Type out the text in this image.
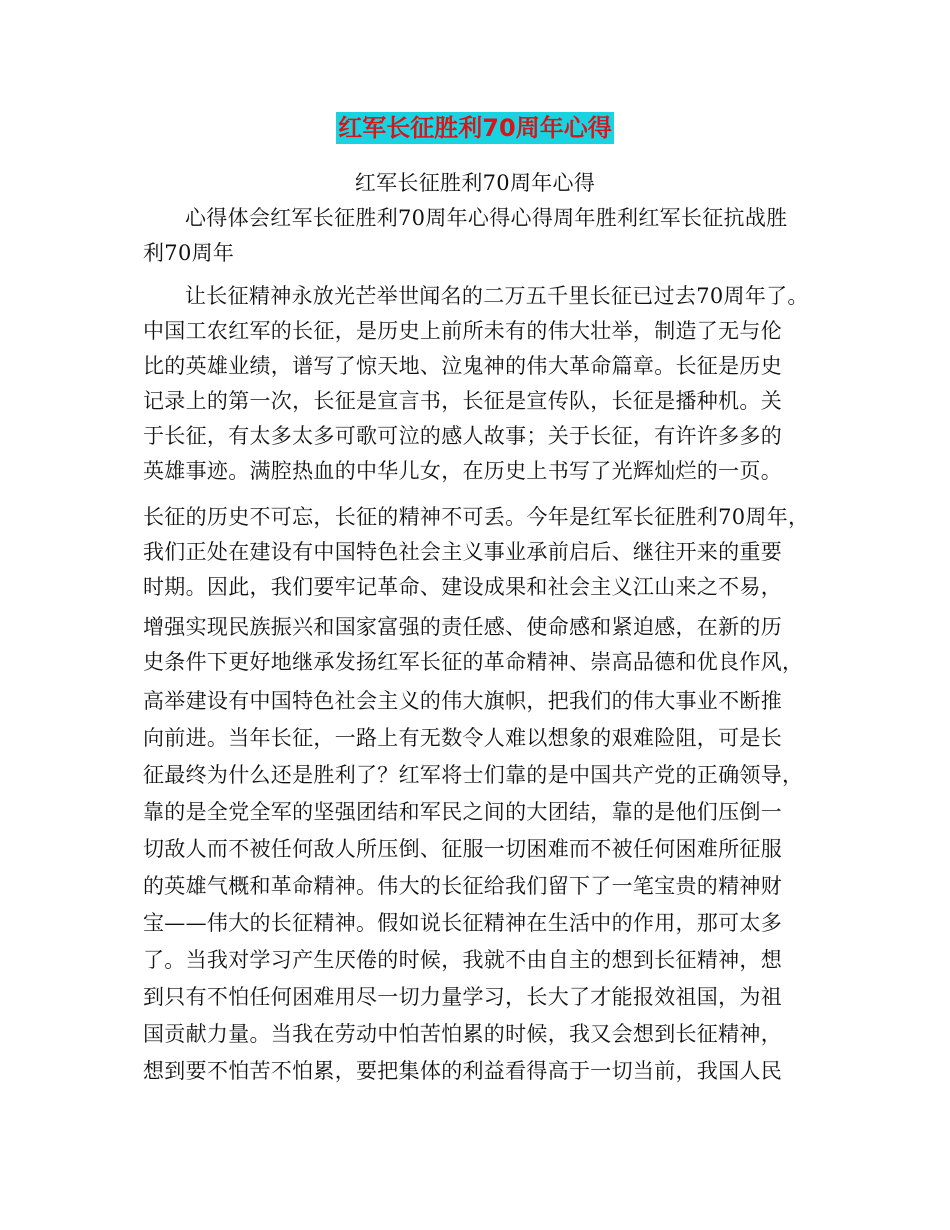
红军长征胜利70周年心得
红军长征胜利70周年心得
心得体会红军长征胜利70周年心得心得周年胜利红军长征抗战胜
利70周年
让长征精神永放光芒举世闻名的二万五千里长征已过去70周年了。
中国工农红军的长征，是历史上前所未有的伟大壮举，制造了无与伦
比的英雄业绩，谱写了惊天地、泣鬼神的伟大革命篇章。长征是历史
记录上的第一次，长征是宣言书，长征是宣传队，长征是播种机。关
于长征，有太多太多可歌可泣的感人故事；关于长征，有许许多多的
英雄事迹。满腔热血的中华儿女，在历史上书写了光辉灿烂的一页。
长征的历史不可忘，长征的精神不可丢。今年是红军长征胜利70周年，
我们正处在建设有中国特色社会主义事业承前启后、继往开来的重要
时期。因此，我们要牢记革命、建设成果和社会主义江山来之不易，
增强实现民族振兴和国家富强的责任感、使命感和紧迫感，在新的历
史条件下更好地继承发扬红军长征的革命精神、崇高品德和优良作风，
高举建设有中国特色社会主义的伟大旗帜，把我们的伟大事业不断推
向前进。当年长征，一路上有无数令人难以想象的艰难险阻，可是长
征最终为什么还是胜利了？红军将士们靠的是中国共产党的正确领导，
靠的是全党全军的坚强团结和军民之间的大团结，靠的是他们压倒一
切敌人而不被任何敌人所压倒、征服一切困难而不被任何困难所征服
的英雄气概和革命精神。伟大的长征给我们留下了一笔宝贵的精神财
宝——伟大的长征精神。假如说长征精神在生活中的作用，那可太多
了。当我对学习产生厌倦的时候，我就不由自主的想到长征精神，想
到只有不怕任何困难用尽一切力量学习，长大了才能报效祖国，为祖
国贡献力量。当我在劳动中怕苦怕累的时候，我又会想到长征精神，
想到要不怕苦不怕累，要把集体的利益看得高于一切当前，我国人民
